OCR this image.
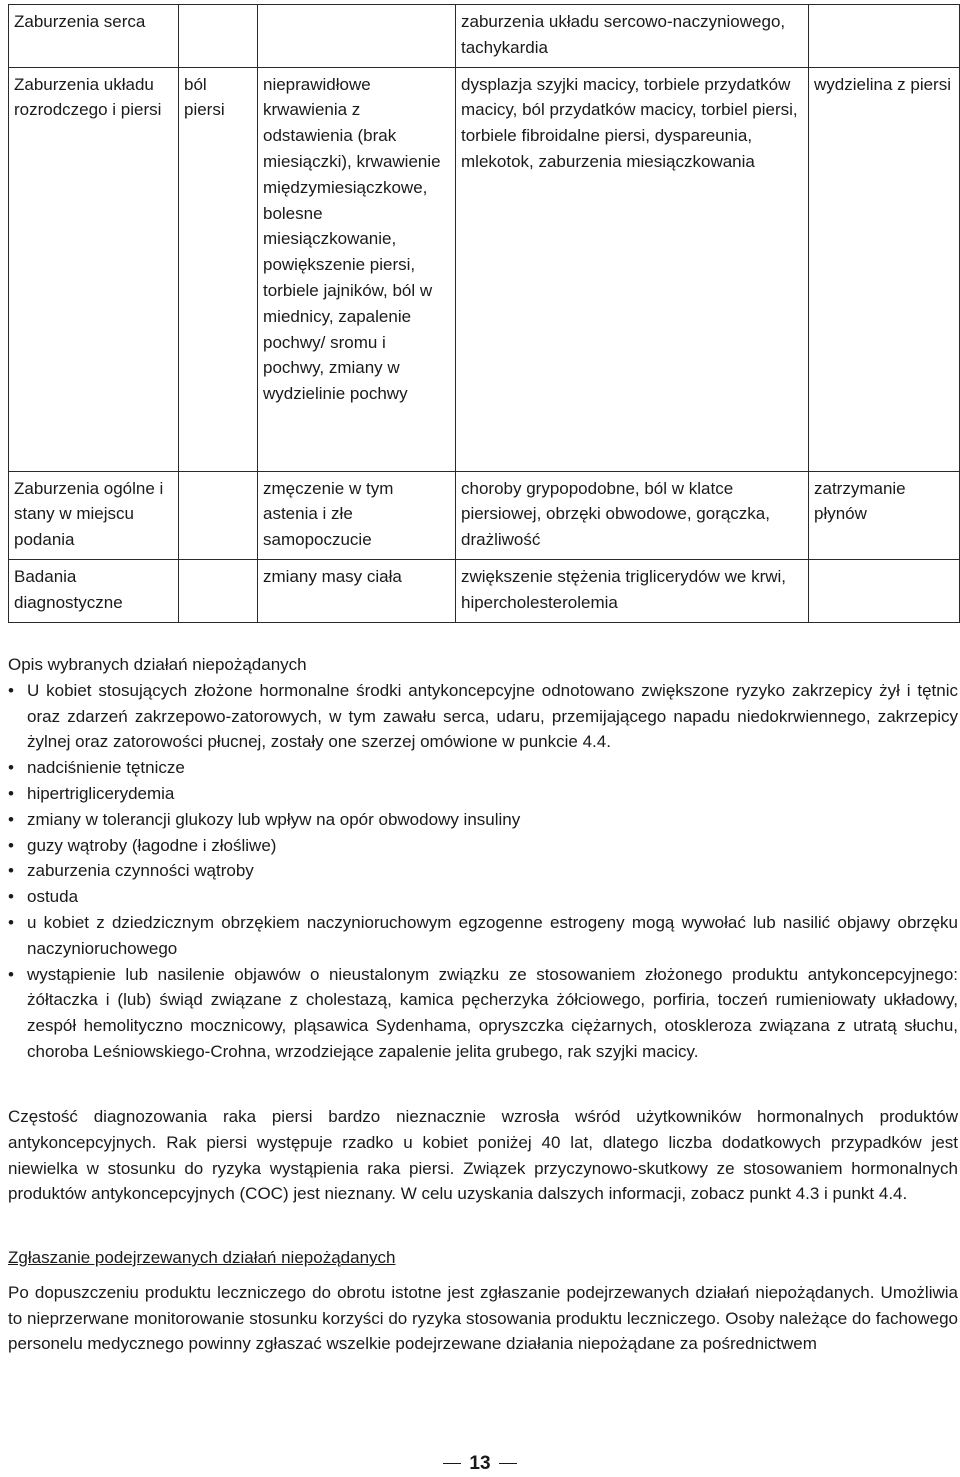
Zaburzenia serca			zaburzenia układu sercowo-naczyniowego, tachykardia	
Zaburzenia układu rozrodczego i piersi	ból piersi	nieprawidłowe krwawienia z odstawienia (brak miesiączki), krwawienie międzymiesiączkowe, bolesne miesiączkowanie, powiększenie piersi, torbiele jajników, ból w miednicy, zapalenie pochwy/ sromu i pochwy, zmiany w wydzielinie pochwy	dysplazja szyjki macicy, torbiele przydatków macicy, ból przydatków macicy, torbiel piersi, torbiele fibroidalne piersi, dyspareunia, mlekotok, zaburzenia miesiączkowania	wydzielina z piersi
Zaburzenia ogólne i stany w miejscu podania		zmęczenie w tym astenia i złe samopoczucie	choroby grypopodobne, ból w klatce piersiowej, obrzęki obwodowe, gorączka, drażliwość	zatrzymanie płynów
Badania diagnostyczne		zmiany masy ciała	zwiększenie stężenia triglicerydów we krwi, hipercholesterolemia	

Opis wybranych działań niepożądanych

• U kobiet stosujących złożone hormonalne środki antykoncepcyjne odnotowano zwiększone ryzyko zakrzepicy żył i tętnic oraz zdarzeń zakrzepowo-zatorowych, w tym zawału serca, udaru, przemijającego napadu niedokrwiennego, zakrzepicy żylnej oraz zatorowości płucnej, zostały one szerzej omówione w punkcie 4.4.
• nadciśnienie tętnicze
• hipertriglicerydemia
• zmiany w tolerancji glukozy lub wpływ na opór obwodowy insuliny
• guzy wątroby (łagodne i złośliwe)
• zaburzenia czynności wątroby
• ostuda
• u kobiet z dziedzicznym obrzękiem naczynioruchowym egzogenne estrogeny mogą wywołać lub nasilić objawy obrzęku naczynioruchowego
• wystąpienie lub nasilenie objawów o nieustalonym związku ze stosowaniem złożonego produktu antykoncepcyjnego: żółtaczka i (lub) świąd związane z cholestazą, kamica pęcherzyka żółciowego, porfiria, toczeń rumieniowaty układowy, zespół hemolityczno mocznicowy, pląsawica Sydenhama, opryszczka ciężarnych, otoskleroza związana z utratą słuchu, choroba Leśniowskiego-Crohna, wrzodziejące zapalenie jelita grubego, rak szyjki macicy.
Częstość diagnozowania raka piersi bardzo nieznacznie wzrosła wśród użytkowników hormonalnych produktów antykoncepcyjnych. Rak piersi występuje rzadko u kobiet poniżej 40 lat, dlatego liczba dodatkowych przypadków jest niewielka w stosunku do ryzyka wystąpienia raka piersi. Związek przyczynowo-skutkowy ze stosowaniem hormonalnych produktów antykoncepcyjnych (COC) jest nieznany. W celu uzyskania dalszych informacji, zobacz punkt 4.3 i punkt 4.4.

Zgłaszanie podejrzewanych działań niepożądanych

Po dopuszczeniu produktu leczniczego do obrotu istotne jest zgłaszanie podejrzewanych działań niepożądanych. Umożliwia to nieprzerwane monitorowanie stosunku korzyści do ryzyka stosowania produktu leczniczego. Osoby należące do fachowego personelu medycznego powinny zgłaszać wszelkie podejrzewane działania niepożądane za pośrednictwem

13
